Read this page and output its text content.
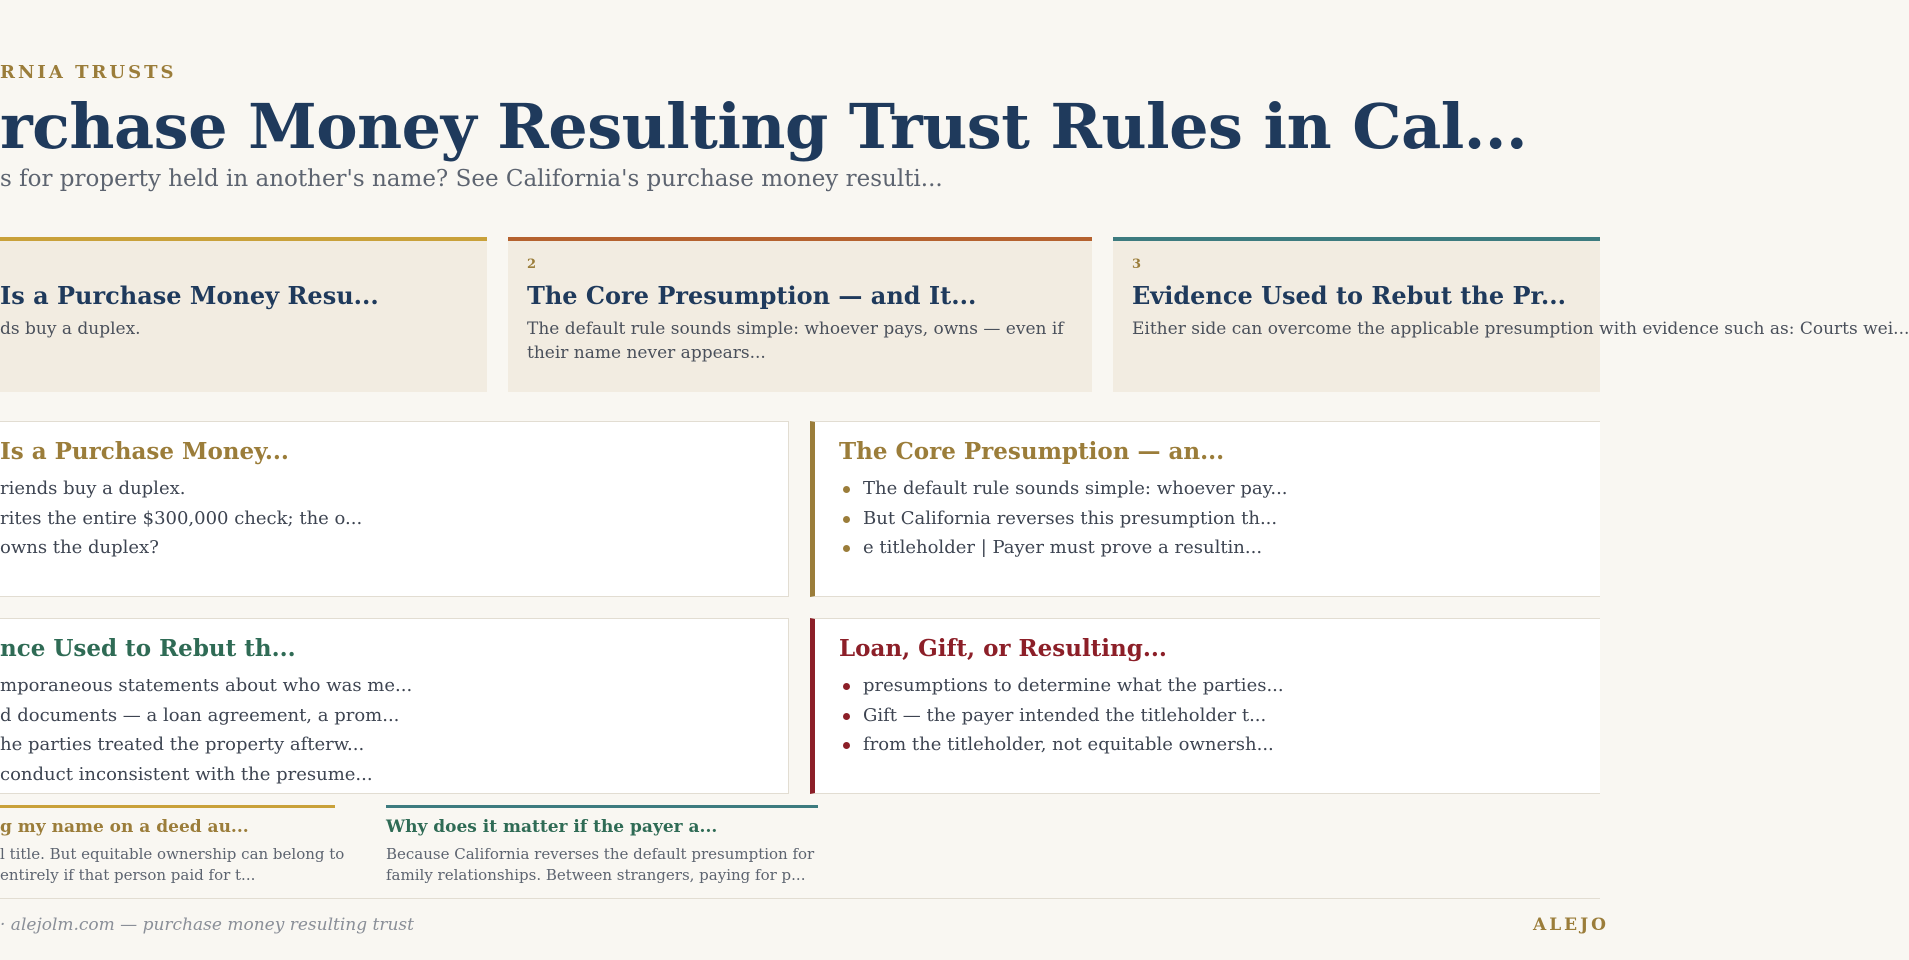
RNIA TRUSTS
rchase Money Resulting Trust Rules in Cal...
s for property held in another's name? See California's purchase money resulti...
Is a Purchase Money Resu...
ds buy a duplex.
2
The Core Presumption — and It...
The default rule sounds simple: whoever pays, owns — even if their name never appears...
3
Evidence Used to Rebut the Pr...
Either side can overcome the applicable presumption with evidence such as: Courts wei...
Is a Purchase Money...
riends buy a duplex.
rites the entire $300,000 check; the o...
owns the duplex?
The Core Presumption — an...
The default rule sounds simple: whoever pay...
But California reverses this presumption th...
e titleholder | Payer must prove a resultin...
nce Used to Rebut th...
mporaneous statements about who was me...
d documents — a loan agreement, a prom...
he parties treated the property afterw...
conduct inconsistent with the presume...
Loan, Gift, or Resulting...
presumptions to determine what the parties...
Gift — the payer intended the titleholder t...
from the titleholder, not equitable ownersh...
g my name on a deed au...
l title. But equitable ownership can belong to
entirely if that person paid for t...
Why does it matter if the payer a...
Because California reverses the default presumption for
family relationships. Between strangers, paying for p...
· alejolm.com — purchase money resulting trust	ALEJO
